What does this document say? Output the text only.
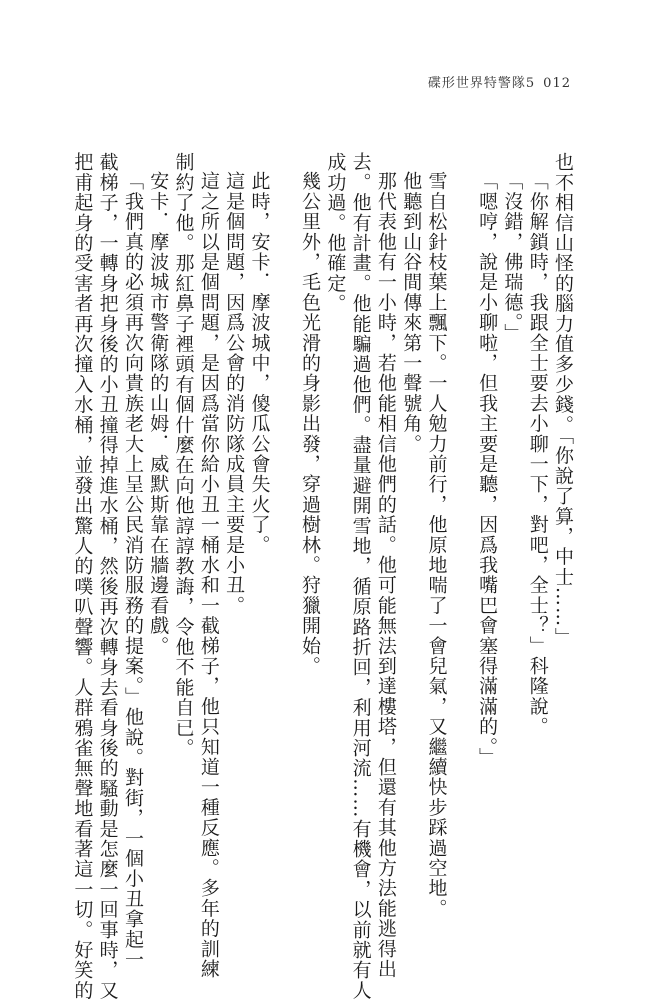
碟形世界特警隊5 012

也不相信山怪的腦力值多少錢。「你說了算，中士……」

「你解鎖時，我跟全士要去小聊一下，對吧，全士？」科隆說。

「沒錯，佛瑞德。」

「嗯哼，說是小聊啦，但我主要是聽，因爲我嘴巴會塞得滿滿的。」

雪自松針枝葉上飄下。一人勉力前行，他原地喘了一會兒氣，又繼續快步踩過空地。

他聽到山谷間傳來第一聲號角。

那代表他有一小時，若他能相信他們的話。他可能無法到達樓塔，但還有其他方法能逃得出

去。他有計畫。他能騙過他們。盡量避開雪地，循原路折回，利用河流……有機會，以前就有人

成功過。他確定。

幾公里外，毛色光滑的身影出發，穿過樹林。狩獵開始。

此時，安卡．摩波城中，傻瓜公會失火了。

這是個問題，因爲公會的消防隊成員主要是小丑。

這之所以是個問題，是因爲當你給小丑一桶水和一截梯子，他只知道一種反應。多年的訓練

制約了他。那紅鼻子裡頭有個什麼在向他諄諄教誨，令他不能自已。

安卡．摩波城市警衛隊的山姆．威默斯靠在牆邊看戲。

「我們真的必須再次向貴族老大上呈公民消防服務的提案。」他說。對街，一個小丑拿起一

截梯子，一轉身把身後的小丑撞得掉進水桶，然後再次轉身去看身後的騷動是怎麼一回事時，又

把甫起身的受害者再次撞入水桶，並發出驚人的噗叭聲響。人群鴉雀無聲地看著這一切。好笑的
